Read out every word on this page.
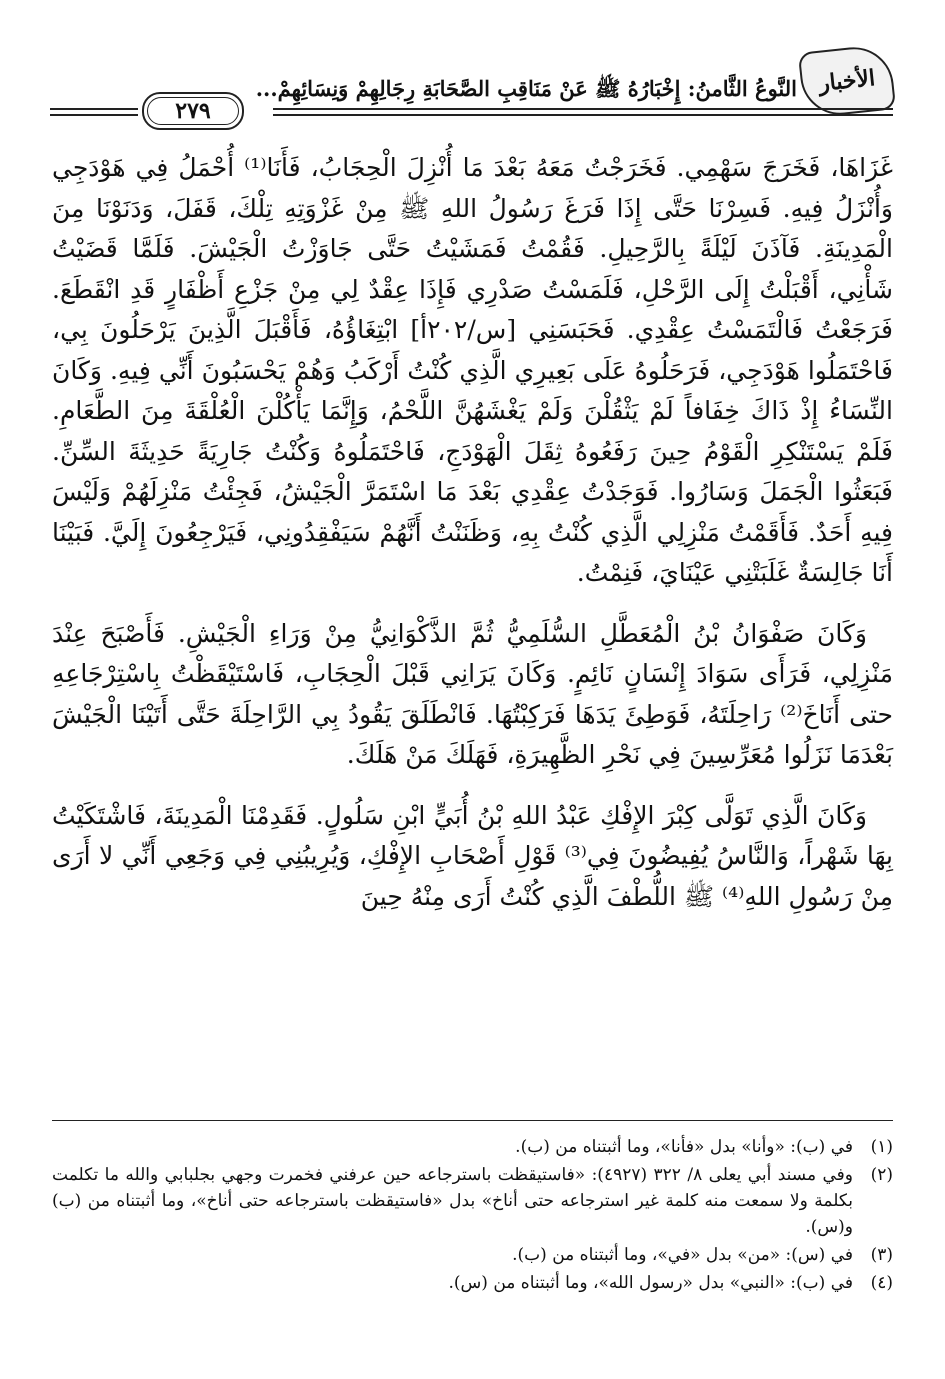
الأخبار
النَّوعُ الثَّامنُ: إِخْبَارُهُ ﷺ عَنْ مَنَاقِبِ الصَّحَابَةِ رِجَالِهِمْ وَنِسَائِهِمْ...
٢٧٩

غَزَاهَا، فَخَرَجَ سَهْمِي. فَخَرَجْتُ مَعَهُ بَعْدَ مَا أُنْزِلَ الْحِجَابُ، فَأَنَا⁽¹⁾ أُحْمَلُ فِي هَوْدَجِي وَأُنْزَلُ فِيهِ. فَسِرْنَا حَتَّى إِذَا فَرَغَ رَسُولُ اللهِ ﷺ مِنْ غَزْوَتِهِ تِلْكَ، قَفَلَ، وَدَنَوْنَا مِنَ الْمَدِينَةِ. فَآذَنَ لَيْلَةً بِالرَّحِيلِ. فَقُمْتُ فَمَشَيْتُ حَتَّى جَاوَزْتُ الْجَيْشَ. فَلَمَّا قَضَيْتُ شَأْنِي، أَقْبَلْتُ إِلَى الرَّحْلِ، فَلَمَسْتُ صَدْرِي فَإِذَا عِقْدٌ لِي مِنْ جَزْعِ أَظْفَارٍ قَدِ انْقَطَعَ. فَرَجَعْتُ فَالْتَمَسْتُ عِقْدِي. فَحَبَسَنِي [س/٢٠٢أ] ابْتِغَاؤُهُ، فَأَقْبَلَ الَّذِينَ يَرْحَلُونَ بِي، فَاحْتَمَلُوا هَوْدَجِي، فَرَحَلُوهُ عَلَى بَعِيرِي الَّذِي كُنْتُ أَرْكَبُ وَهُمْ يَحْسَبُونَ أَنِّي فِيهِ. وَكَانَ النِّسَاءُ إِذْ ذَاكَ خِفَافاً لَمْ يَثْقُلْنَ وَلَمْ يَغْشَهُنَّ اللَّحْمُ، وَإِنَّمَا يَأْكُلْنَ الْعُلْقَةَ مِنَ الطَّعَامِ. فَلَمْ يَسْتَنْكِرِ الْقَوْمُ حِينَ رَفَعُوهُ ثِقَلَ الْهَوْدَجِ، فَاحْتَمَلُوهُ وَكُنْتُ جَارِيَةً حَدِيثَةَ السِّنِّ. فَبَعَثُوا الْجَمَلَ وَسَارُوا. فَوَجَدْتُ عِقْدِي بَعْدَ مَا اسْتَمَرَّ الْجَيْشُ، فَجِئْتُ مَنْزِلَهُمْ وَلَيْسَ فِيهِ أَحَدٌ. فَأَقَمْتُ مَنْزِلِي الَّذِي كُنْتُ بِهِ، وَظَنَنْتُ أَنَّهُمْ سَيَفْقِدُونِي، فَيَرْجِعُونَ إِلَيَّ. فَبَيْنَا أَنَا جَالِسَةٌ غَلَبَتْنِي عَيْنَايَ، فَنِمْتُ.

وَكَانَ صَفْوَانُ بْنُ الْمُعَطَّلِ السُّلَمِيُّ ثُمَّ الذَّكْوَانِيُّ مِنْ وَرَاءِ الْجَيْشِ. فَأَصْبَحَ عِنْدَ مَنْزِلِي، فَرَأَى سَوَادَ إِنْسَانٍ نَائِمٍ. وَكَانَ يَرَانِي قَبْلَ الْحِجَابِ، فَاسْتَيْقَظْتُ بِاسْتِرْجَاعِهِ حتى أَنَاخَ⁽²⁾ رَاحِلَتَهُ، فَوَطِئَ يَدَهَا فَرَكِبْتُهَا. فَانْطَلَقَ يَقُودُ بِي الرَّاحِلَةَ حَتَّى أَتَيْنَا الْجَيْشَ بَعْدَمَا نَزَلُوا مُعَرِّسِينَ فِي نَحْرِ الظَّهِيرَةِ، فَهَلَكَ مَنْ هَلَكَ.

وَكَانَ الَّذِي تَوَلَّى كِبْرَ الإِفْكِ عَبْدُ اللهِ بْنُ أُبَيٍّ ابْنِ سَلُولٍ. فَقَدِمْنَا الْمَدِينَةَ، فَاشْتَكَيْتُ بِهَا شَهْراً، وَالنَّاسُ يُفِيضُونَ فِي⁽³⁾ قَوْلِ أَصْحَابِ الإِفْكِ، وَيُرِيبُنِي فِي وَجَعِي أَنِّي لا أَرَى مِنْ رَسُولِ اللهِ⁽⁴⁾ ﷺ اللُّطْفَ الَّذِي كُنْتُ أَرَى مِنْهُ حِينَ

(١)
في (ب): «وأنا» بدل «فأنا»، وما أثبتناه من (ب).
(٢)
وفي مسند أبي يعلى ٨/ ٣٢٢ (٤٩٢٧): «فاستيقظت باسترجاعه حين عرفني فخمرت وجهي بجلبابي والله ما تكلمت بكلمة ولا سمعت منه كلمة غير استرجاعه حتى أناخ» بدل «فاستيقظت باسترجاعه حتى أناخ»، وما أثبتناه من (ب) و(س).
(٣)
في (س): «من» بدل «في»، وما أثبتناه من (ب).
(٤)
في (ب): «النبي» بدل «رسول الله»، وما أثبتناه من (س).
